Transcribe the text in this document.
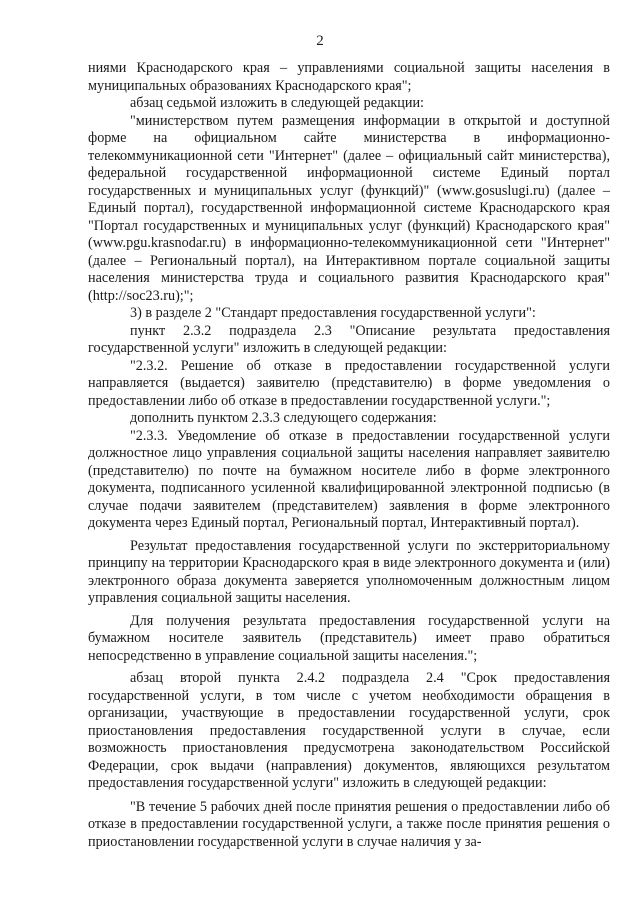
2

ниями Краснодарского края – управлениями социальной защиты населения в муниципальных образованиях Краснодарского края";

абзац седьмой изложить в следующей редакции:

"министерством путем размещения информации в открытой и доступной форме на официальном сайте министерства в информационно-телекоммуникационной сети "Интернет" (далее – официальный сайт министерства), федеральной государственной информационной системе Единый портал государственных и муниципальных услуг (функций)" (www.gosuslugi.ru) (далее – Единый портал), государственной информационной системе Краснодарского края "Портал государственных и муниципальных услуг (функций) Краснодарского края" (www.pgu.krasnodar.ru) в информационно-телекоммуникационной сети "Интернет" (далее – Региональный портал), на Интерактивном портале социальной защиты населения министерства труда и социального развития Краснодарского края" (http://soc23.ru);";

3) в разделе 2 "Стандарт предоставления государственной услуги":

пункт 2.3.2 подраздела 2.3 "Описание результата предоставления государственной услуги" изложить в следующей редакции:

"2.3.2. Решение об отказе в предоставлении государственной услуги направляется (выдается) заявителю (представителю) в форме уведомления о предоставлении либо об отказе в предоставлении государственной услуги.";

дополнить пунктом 2.3.3 следующего содержания:

"2.3.3. Уведомление об отказе в предоставлении государственной услуги должностное лицо управления социальной защиты населения направляет заявителю (представителю) по почте на бумажном носителе либо в форме электронного документа, подписанного усиленной квалифицированной электронной подписью (в случае подачи заявителем (представителем) заявления в форме электронного документа через Единый портал, Региональный портал, Интерактивный портал).

Результат предоставления государственной услуги по экстерриториальному принципу на территории Краснодарского края в виде электронного документа и (или) электронного образа документа заверяется уполномоченным должностным лицом управления социальной защиты населения.

Для получения результата предоставления государственной услуги на бумажном носителе заявитель (представитель) имеет право обратиться непосредственно в управление социальной защиты населения.";

абзац второй пункта 2.4.2 подраздела 2.4 "Срок предоставления государственной услуги, в том числе с учетом необходимости обращения в организации, участвующие в предоставлении государственной услуги, срок приостановления предоставления государственной услуги в случае, если возможность приостановления предусмотрена законодательством Российской Федерации, срок выдачи (направления) документов, являющихся результатом предоставления государственной услуги" изложить в следующей редакции:

"В течение 5 рабочих дней после принятия решения о предоставлении либо об отказе в предоставлении государственной услуги, а также после принятия решения о приостановлении государственной услуги в случае наличия у за-
